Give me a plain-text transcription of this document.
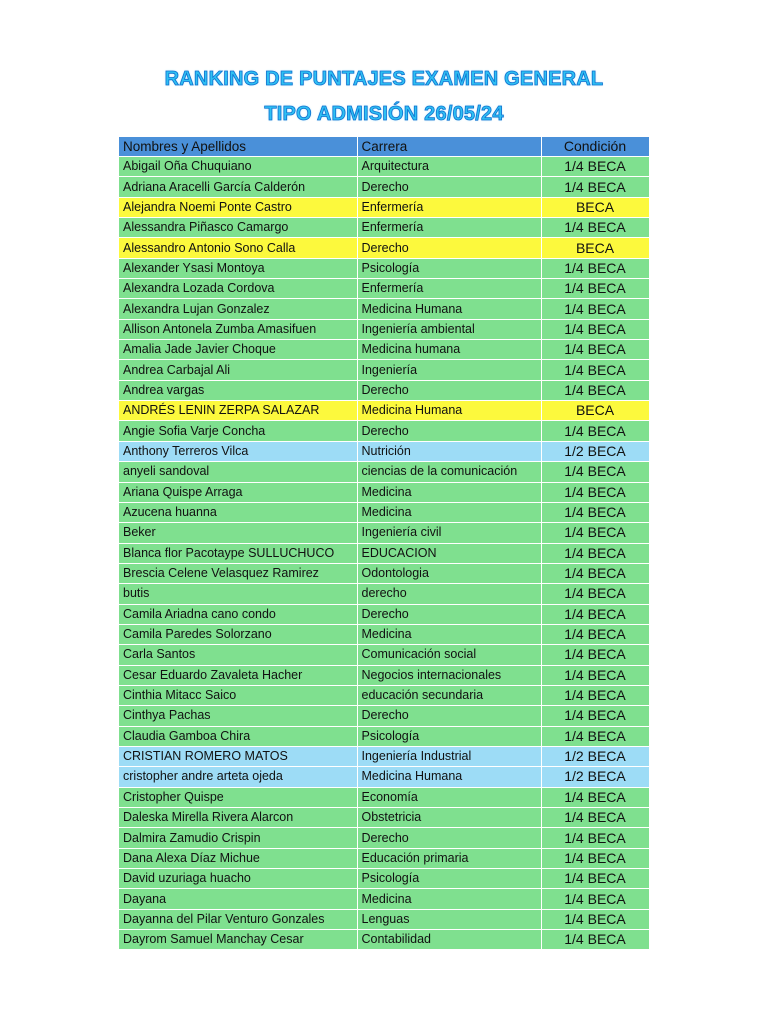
RANKING DE PUNTAJES EXAMEN GENERAL
TIPO ADMISIÓN 26/05/24
Nombres y Apellidos	Carrera	Condición
Abigail Oña Chuquiano	Arquitectura	1/4 BECA
Adriana Aracelli García Calderón	Derecho	1/4 BECA
Alejandra Noemi Ponte Castro	Enfermería	BECA
Alessandra Piñasco Camargo	Enfermería	1/4 BECA
Alessandro Antonio Sono Calla	Derecho	BECA
Alexander Ysasi Montoya	Psicología	1/4 BECA
Alexandra Lozada Cordova	Enfermería	1/4 BECA
Alexandra Lujan Gonzalez	Medicina Humana	1/4 BECA
Allison Antonela Zumba Amasifuen	Ingeniería ambiental	1/4 BECA
Amalia Jade Javier Choque	Medicina humana	1/4 BECA
Andrea Carbajal Ali	Ingeniería	1/4 BECA
Andrea vargas	Derecho	1/4 BECA
ANDRÉS LENIN ZERPA SALAZAR	Medicina Humana	BECA
Angie Sofia Varje Concha	Derecho	1/4 BECA
Anthony Terreros Vilca	Nutrición	1/2 BECA
anyeli sandoval	ciencias de la comunicación	1/4 BECA
Ariana Quispe Arraga	Medicina	1/4 BECA
Azucena huanna	Medicina	1/4 BECA
Beker	Ingeniería civil	1/4 BECA
Blanca flor Pacotaype SULLUCHUCO	EDUCACION	1/4 BECA
Brescia Celene Velasquez Ramirez	Odontologia	1/4 BECA
butis	derecho	1/4 BECA
Camila Ariadna cano condo	Derecho	1/4 BECA
Camila Paredes Solorzano	Medicina	1/4 BECA
Carla Santos	Comunicación social	1/4 BECA
Cesar Eduardo Zavaleta Hacher	Negocios internacionales	1/4 BECA
Cinthia Mitacc Saico	educación secundaria	1/4 BECA
Cinthya Pachas	Derecho	1/4 BECA
Claudia Gamboa Chira	Psicología	1/4 BECA
CRISTIAN ROMERO MATOS	Ingeniería Industrial	1/2 BECA
cristopher andre arteta ojeda	Medicina Humana	1/2 BECA
Cristopher Quispe	Economía	1/4 BECA
Daleska Mirella Rivera Alarcon	Obstetricia	1/4 BECA
Dalmira Zamudio Crispin	Derecho	1/4 BECA
Dana Alexa Díaz Michue	Educación primaria	1/4 BECA
David uzuriaga huacho	Psicología	1/4 BECA
Dayana	Medicina	1/4 BECA
Dayanna del Pilar Venturo Gonzales	Lenguas	1/4 BECA
Dayrom Samuel Manchay Cesar	Contabilidad	1/4 BECA
